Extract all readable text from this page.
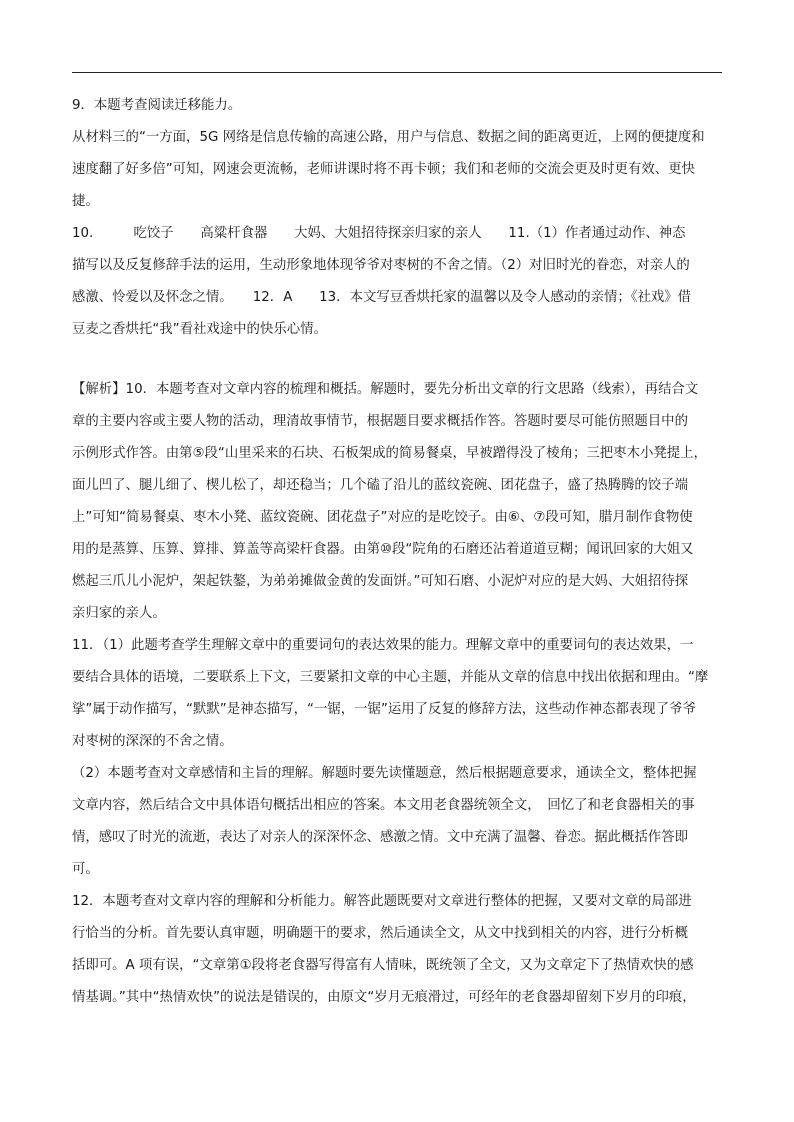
9．本题考查阅读迁移能力。
从材料三的“一方面，5G 网络是信息传输的高速公路，用户与信息、数据之间的距离更近，上网的便捷度和
速度翻了好多倍”可知，网速会更流畅，老师讲课时将不再卡顿；我们和老师的交流会更及时更有效、更快
捷。
10.　　　吃饺子　　高粱杆食器　　大妈、大姐招待探亲归家的亲人　　11.（1）作者通过动作、神态
描写以及反复修辞手法的运用，生动形象地体现爷爷对枣树的不舍之情。（2）对旧时光的眷恋，对亲人的
感激、怜爱以及怀念之情。　　12．A　　13．本文写豆香烘托家的温馨以及令人感动的亲情；《社戏》借
豆麦之香烘托“我”看社戏途中的快乐心情。
【解析】10．本题考查对文章内容的梳理和概括。解题时，要先分析出文章的行文思路（线索），再结合文
章的主要内容或主要人物的活动，理清故事情节，根据题目要求概括作答。答题时要尽可能仿照题目中的
示例形式作答。由第⑤段“山里采来的石块、石板架成的简易餐桌，早被蹭得没了棱角；三把枣木小凳提上，
面儿凹了、腿儿细了、楔儿松了，却还稳当；几个磕了沿儿的蓝纹瓷碗、团花盘子，盛了热腾腾的饺子端
上”可知“简易餐桌、枣木小凳、蓝纹瓷碗、团花盘子”对应的是吃饺子。由⑥、⑦段可知，腊月制作食物使
用的是蒸算、压算、算排、算盖等高梁杆食器。由第⑩段“院角的石磨还沾着道道豆糊；闻讯回家的大姐又
燃起三爪儿小泥炉，架起铁鏊，为弟弟摊做金黄的发面饼。”可知石磨、小泥炉对应的是大妈、大姐招待探
亲归家的亲人。
11．（1）此题考查学生理解文章中的重要词句的表达效果的能力。理解文章中的重要词句的表达效果，一
要结合具体的语境，二要联系上下文，三要紧扣文章的中心主题，并能从文章的信息中找出依据和理由。“摩
挲”属于动作描写，“默默”是神态描写，“一锯，一锯”运用了反复的修辞方法，这些动作神态都表现了爷爷
对枣树的深深的不舍之情。
（2）本题考查对文章感情和主旨的理解。解题时要先读懂题意，然后根据题意要求，通读全文，整体把握
文章内容，然后结合文中具体语句概括出相应的答案。本文用老食器统领全文，　回忆了和老食器相关的事
情，感叹了时光的流逝，表达了对亲人的深深怀念、感激之情。文中充满了温馨、眷恋。据此概括作答即
可。
12．本题考查对文章内容的理解和分析能力。解答此题既要对文章进行整体的把握，又要对文章的局部进
行恰当的分析。首先要认真审题，明确题干的要求，然后通读全文，从文中找到相关的内容，进行分析概
括即可。A 项有误，“文章第①段将老食器写得富有人情味，既统领了全文，又为文章定下了热情欢快的感
情基调。”其中“热情欢快”的说法是错误的，由原文“岁月无痕滑过，可经年的老食器却留刻下岁月的印痕，
